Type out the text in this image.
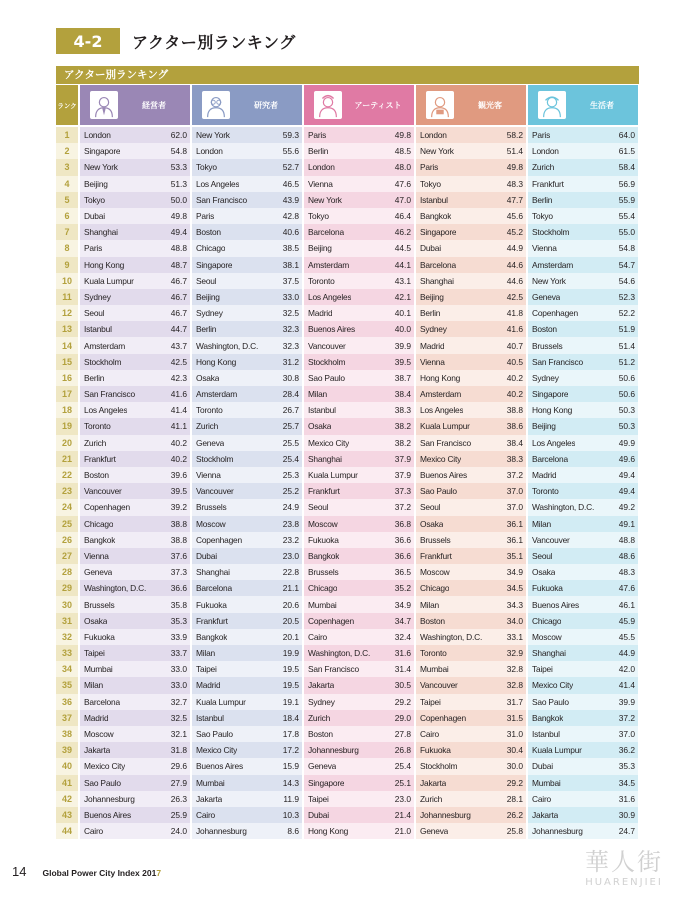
4-2	アクター別ランキング
アクター別ランキング
ランク	経営者	研究者	アーティスト	観光客	生活者
1	London	62.0 New York	59.3 Paris	49.8 London	58.2 Paris	64.0
2	Singapore	54.8 London	55.6 Berlin	48.5 New York	51.4 London	61.5
3	New York	53.3 Tokyo	52.7 London	48.0 Paris	49.8 Zurich	58.4
4	Beijing	51.3 Los Angeles	46.5 Vienna	47.6 Tokyo	48.3 Frankfurt	56.9
5	Tokyo	50.0 San Francisco	43.9 New York	47.0 Istanbul	47.7 Berlin	55.9
6	Dubai	49.8 Paris	42.8 Tokyo	46.4 Bangkok	45.6 Tokyo	55.4
7	Shanghai	49.4 Boston	40.6 Barcelona	46.2 Singapore	45.2 Stockholm	55.0
8	Paris	48.8 Chicago	38.5 Beijing	44.5 Dubai	44.9 Vienna	54.8
9	Hong Kong	48.7 Singapore	38.1 Amsterdam	44.1 Barcelona	44.6 Amsterdam	54.7
10	Kuala Lumpur	46.7 Seoul	37.5 Toronto	43.1 Shanghai	44.6 New York	54.6
11	Sydney	46.7 Beijing	33.0 Los Angeles	42.1 Beijing	42.5 Geneva	52.3
12	Seoul	46.7 Sydney	32.5 Madrid	40.1 Berlin	41.8 Copenhagen	52.2
13	Istanbul	44.7 Berlin	32.3 Buenos Aires	40.0 Sydney	41.6 Boston	51.9
14	Amsterdam	43.7 Washington, D.C.	32.3 Vancouver	39.9 Madrid	40.7 Brussels	51.4
15	Stockholm	42.5 Hong Kong	31.2 Stockholm	39.5 Vienna	40.5 San Francisco	51.2
16	Berlin	42.3 Osaka	30.8 Sao Paulo	38.7 Hong Kong	40.2 Sydney	50.6
17	San Francisco	41.6 Amsterdam	28.4 Milan	38.4 Amsterdam	40.2 Singapore	50.6
18	Los Angeles	41.4 Toronto	26.7 Istanbul	38.3 Los Angeles	38.8 Hong Kong	50.3
19	Toronto	41.1 Zurich	25.7 Osaka	38.2 Kuala Lumpur	38.6 Beijing	50.3
20	Zurich	40.2 Geneva	25.5 Mexico City	38.2 San Francisco	38.4 Los Angeles	49.9
21	Frankfurt	40.2 Stockholm	25.4 Shanghai	37.9 Mexico City	38.3 Barcelona	49.6
22	Boston	39.6 Vienna	25.3 Kuala Lumpur	37.9 Buenos Aires	37.2 Madrid	49.4
23	Vancouver	39.5 Vancouver	25.2 Frankfurt	37.3 Sao Paulo	37.0 Toronto	49.4
24	Copenhagen	39.2 Brussels	24.9 Seoul	37.2 Seoul	37.0 Washington, D.C.	49.2
25	Chicago	38.8 Moscow	23.8 Moscow	36.8 Osaka	36.1 Milan	49.1
26	Bangkok	38.8 Copenhagen	23.2 Fukuoka	36.6 Brussels	36.1 Vancouver	48.8
27	Vienna	37.6 Dubai	23.0 Bangkok	36.6 Frankfurt	35.1 Seoul	48.6
28	Geneva	37.3 Shanghai	22.8 Brussels	36.5 Moscow	34.9 Osaka	48.3
29	Washington, D.C.	36.6 Barcelona	21.1 Chicago	35.2 Chicago	34.5 Fukuoka	47.6
30	Brussels	35.8 Fukuoka	20.6 Mumbai	34.9 Milan	34.3 Buenos Aires	46.1
31	Osaka	35.3 Frankfurt	20.5 Copenhagen	34.7 Boston	34.0 Chicago	45.9
32	Fukuoka	33.9 Bangkok	20.1 Cairo	32.4 Washington, D.C.	33.1 Moscow	45.5
33	Taipei	33.7 Milan	19.9 Washington, D.C.	31.6 Toronto	32.9 Shanghai	44.9
34	Mumbai	33.0 Taipei	19.5 San Francisco	31.4 Mumbai	32.8 Taipei	42.0
35	Milan	33.0 Madrid	19.5 Jakarta	30.5 Vancouver	32.8 Mexico City	41.4
36	Barcelona	32.7 Kuala Lumpur	19.1 Sydney	29.2 Taipei	31.7 Sao Paulo	39.9
37	Madrid	32.5 Istanbul	18.4 Zurich	29.0 Copenhagen	31.5 Bangkok	37.2
38	Moscow	32.1 Sao Paulo	17.8 Boston	27.8 Cairo	31.0 Istanbul	37.0
39	Jakarta	31.8 Mexico City	17.2 Johannesburg	26.8 Fukuoka	30.4 Kuala Lumpur	36.2
40	Mexico City	29.6 Buenos Aires	15.9 Geneva	25.4 Stockholm	30.0 Dubai	35.3
41	Sao Paulo	27.9 Mumbai	14.3 Singapore	25.1 Jakarta	29.2 Mumbai	34.5
42	Johannesburg	26.3 Jakarta	11.9 Taipei	23.0 Zurich	28.1 Cairo	31.6
43	Buenos Aires	25.9 Cairo	10.3 Dubai	21.4 Johannesburg	26.2 Jakarta	30.9
44	Cairo	24.0 Johannesburg	8.6 Hong Kong	21.0 Geneva	25.8 Johannesburg	24.7
14 Global Power City Index 2017	華人街
HUARENJIEI
